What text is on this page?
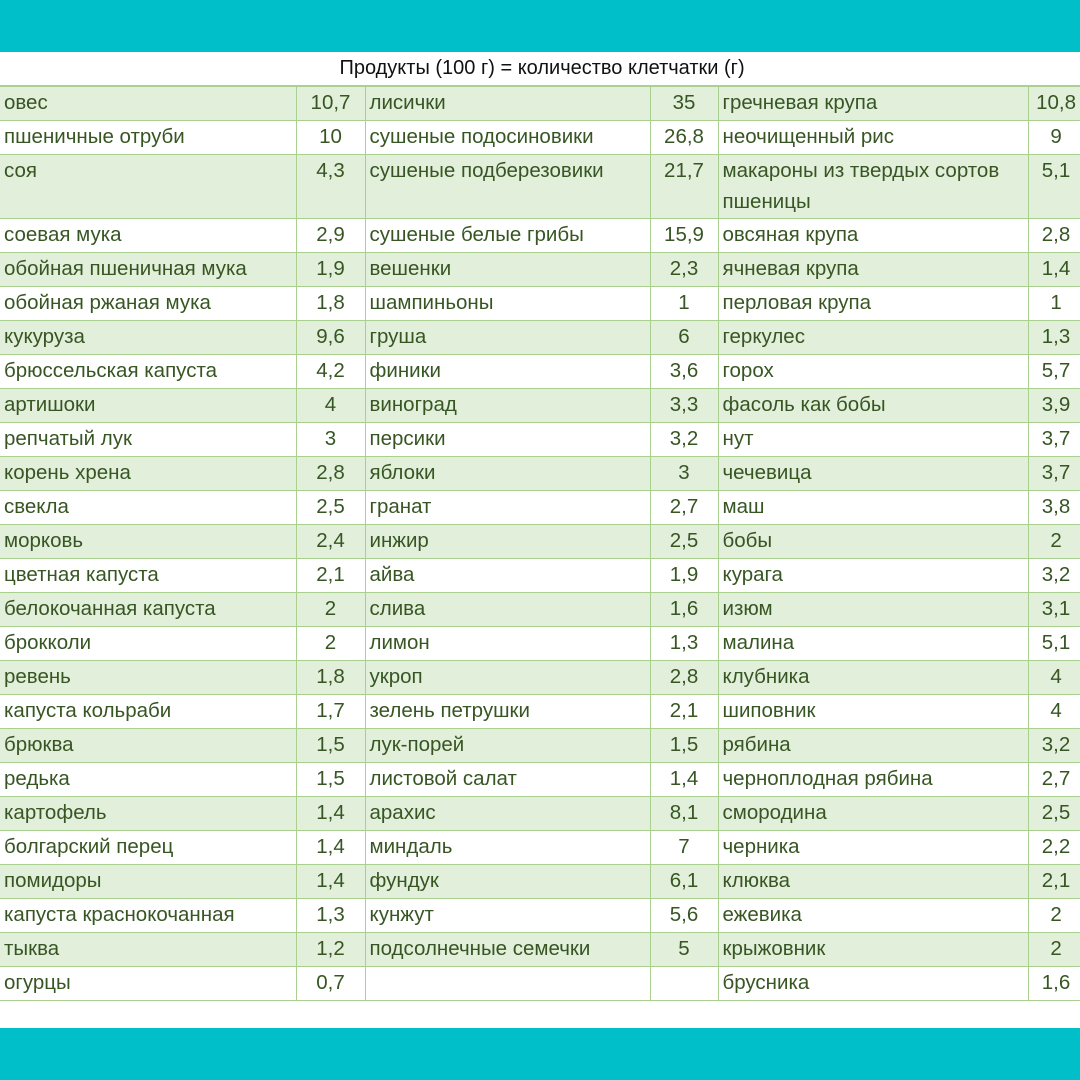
Продукты (100 г) = количество клетчатки (г)					
овес	10,7	лисички	35	гречневая крупа	10,8
пшеничные отруби	10	сушеные подосиновики	26,8	неочищенный рис	9
соя	4,3	сушеные подберезовики	21,7	макароны из твердых сортов пшеницы	5,1
соевая мука	2,9	сушеные белые грибы	15,9	овсяная крупа	2,8
обойная пшеничная мука	1,9	вешенки	2,3	ячневая крупа	1,4
обойная ржаная мука	1,8	шампиньоны	1	перловая крупа	1
кукуруза	9,6	груша	6	геркулес	1,3
брюссельская капуста	4,2	финики	3,6	горох	5,7
артишоки	4	виноград	3,3	фасоль как бобы	3,9
репчатый лук	3	персики	3,2	нут	3,7
корень хрена	2,8	яблоки	3	чечевица	3,7
свекла	2,5	гранат	2,7	маш	3,8
морковь	2,4	инжир	2,5	бобы	2
цветная капуста	2,1	айва	1,9	курага	3,2
белокочанная капуста	2	слива	1,6	изюм	3,1
брокколи	2	лимон	1,3	малина	5,1
ревень	1,8	укроп	2,8	клубника	4
капуста кольраби	1,7	зелень петрушки	2,1	шиповник	4
брюква	1,5	лук-порей	1,5	рябина	3,2
редька	1,5	листовой салат	1,4	черноплодная рябина	2,7
картофель	1,4	арахис	8,1	смородина	2,5
болгарский перец	1,4	миндаль	7	черника	2,2
помидоры	1,4	фундук	6,1	клюква	2,1
капуста краснокочанная	1,3	кунжут	5,6	ежевика	2
тыква	1,2	подсолнечные семечки	5	крыжовник	2
огурцы	0,7			брусника	1,6
